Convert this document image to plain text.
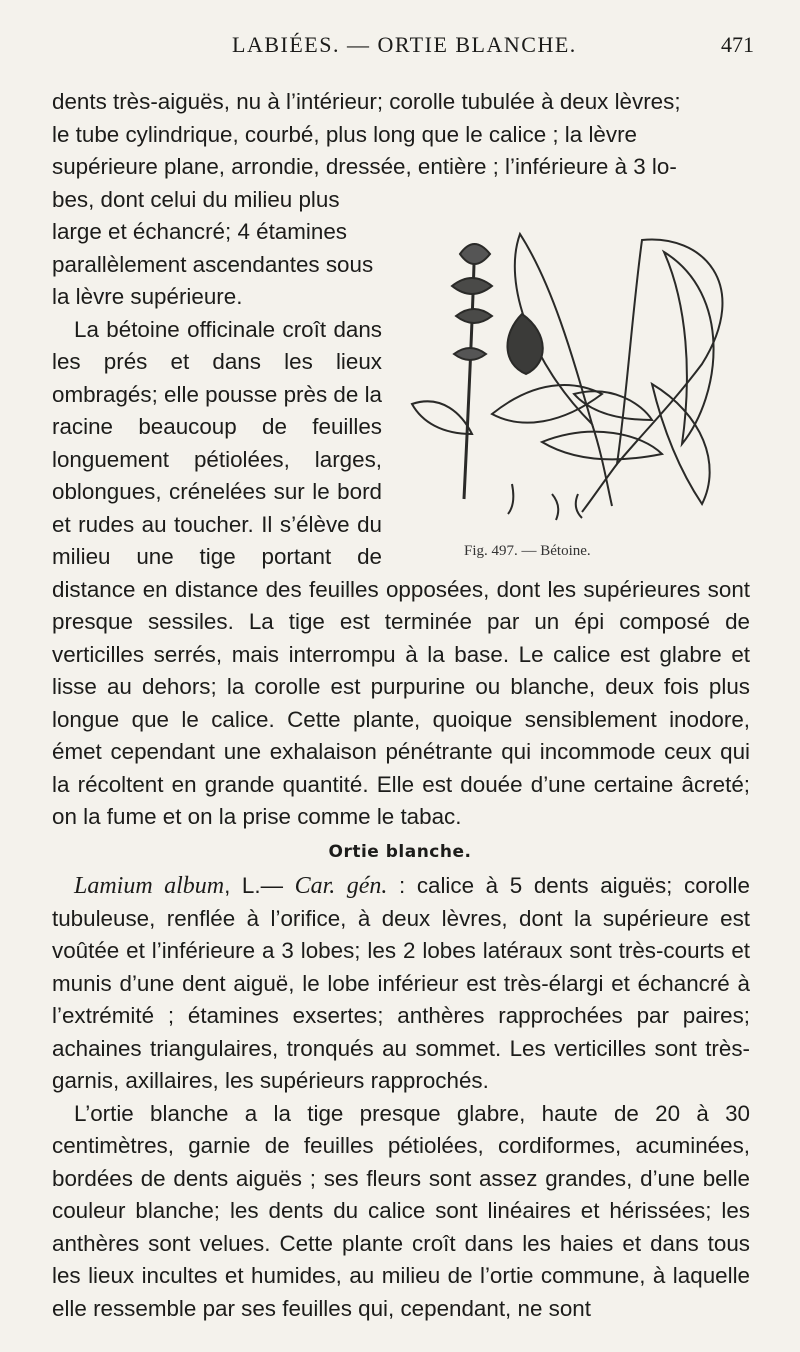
LABIÉES. — ORTIE BLANCHE.	471

dents très-aiguës, nu à l’intérieur; corolle tubulée à deux lèvres;

le tube cylindrique, courbé, plus long que le calice ; la lèvre

supérieure plane, arrondie, dressée, entière ; l’inférieure à 3 lo-

Fig. 497. — Bétoine.

bes, dont celui du milieu plus large et échancré; 4 étamines parallèlement ascendantes sous la lèvre supérieure.

La bétoine officinale croît dans les prés et dans les lieux ombragés; elle pousse près de la racine beaucoup de feuilles longuement pétiolées, larges, oblongues, crénelées sur le bord et rudes au toucher. Il s’élève du milieu une tige portant de distance en distance des feuilles opposées, dont les supérieures sont presque sessiles. La tige est terminée par un épi composé de verticilles serrés, mais interrompu à la base. Le calice est glabre et lisse au dehors; la corolle est purpurine ou blanche, deux fois plus longue que le calice. Cette plante, quoique sensiblement inodore, émet cependant une exhalaison pénétrante qui incommode ceux qui la récoltent en grande quantité. Elle est douée d’une certaine âcreté; on la fume et on la prise comme le tabac.

Ortie blanche.

Lamium album, L.— Car. gén. : calice à 5 dents aiguës; corolle tubuleuse, renflée à l’orifice, à deux lèvres, dont la supérieure est voûtée et l’inférieure a 3 lobes; les 2 lobes latéraux sont très-courts et munis d’une dent aiguë, le lobe inférieur est très-élargi et échancré à l’extrémité ; étamines exsertes; anthères rapprochées par paires; achaines triangulaires, tronqués au sommet. Les verticilles sont très-garnis, axillaires, les supérieurs rapprochés.

L’ortie blanche a la tige presque glabre, haute de 20 à 30 centimètres, garnie de feuilles pétiolées, cordiformes, acuminées, bordées de dents aiguës ; ses fleurs sont assez grandes, d’une belle couleur blanche; les dents du calice sont linéaires et hérissées; les anthères sont velues. Cette plante croît dans les haies et dans tous les lieux incultes et humides, au milieu de l’ortie commune, à laquelle elle ressemble par ses feuilles qui, cependant, ne sont
